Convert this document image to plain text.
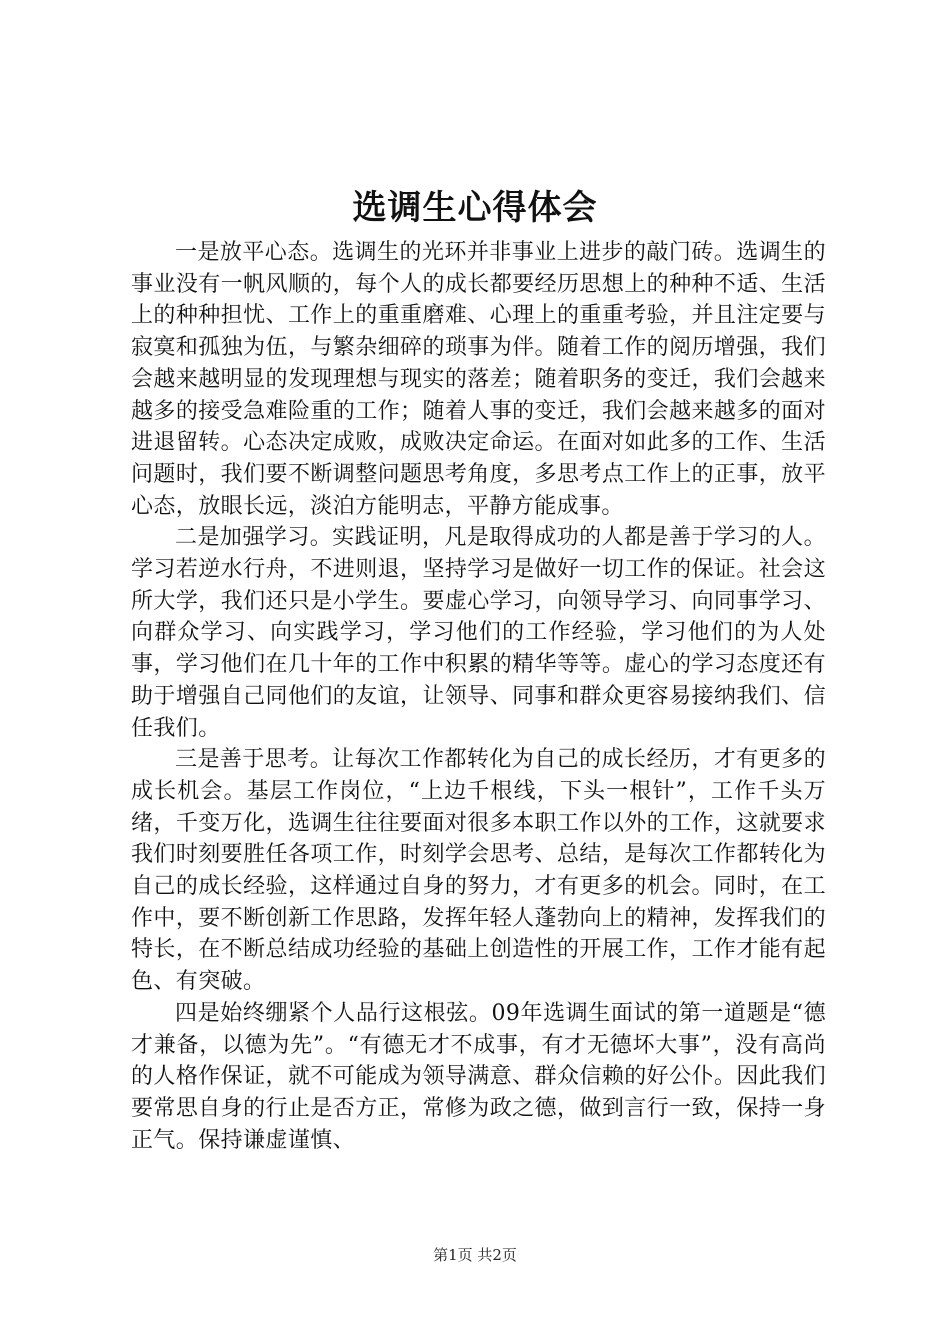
选调生心得体会

一是放平心态。选调生的光环并非事业上进步的敲门砖。选调生的事业没有一帆风顺的，每个人的成长都要经历思想上的种种不适、生活上的种种担忧、工作上的重重磨难、心理上的重重考验，并且注定要与寂寞和孤独为伍，与繁杂细碎的琐事为伴。随着工作的阅历增强，我们会越来越明显的发现理想与现实的落差；随着职务的变迁，我们会越来越多的接受急难险重的工作；随着人事的变迁，我们会越来越多的面对进退留转。心态决定成败，成败决定命运。在面对如此多的工作、生活问题时，我们要不断调整问题思考角度，多思考点工作上的正事，放平心态，放眼长远，淡泊方能明志，平静方能成事。

二是加强学习。实践证明，凡是取得成功的人都是善于学习的人。学习若逆水行舟，不进则退，坚持学习是做好一切工作的保证。社会这所大学，我们还只是小学生。要虚心学习，向领导学习、向同事学习、向群众学习、向实践学习，学习他们的工作经验，学习他们的为人处事，学习他们在几十年的工作中积累的精华等等。虚心的学习态度还有助于增强自己同他们的友谊，让领导、同事和群众更容易接纳我们、信任我们。

三是善于思考。让每次工作都转化为自己的成长经历，才有更多的成长机会。基层工作岗位，“上边千根线，下头一根针”，工作千头万绪，千变万化，选调生往往要面对很多本职工作以外的工作，这就要求我们时刻要胜任各项工作，时刻学会思考、总结，是每次工作都转化为自己的成长经验，这样通过自身的努力，才有更多的机会。同时，在工作中，要不断创新工作思路，发挥年轻人蓬勃向上的精神，发挥我们的特长，在不断总结成功经验的基础上创造性的开展工作，工作才能有起色、有突破。

四是始终绷紧个人品行这根弦。09年选调生面试的第一道题是“德才兼备，以德为先”。“有德无才不成事，有才无德坏大事”，没有高尚的人格作保证，就不可能成为领导满意、群众信赖的好公仆。因此我们要常思自身的行止是否方正，常修为政之德，做到言行一致，保持一身正气。保持谦虚谨慎、

第1页 共2页
